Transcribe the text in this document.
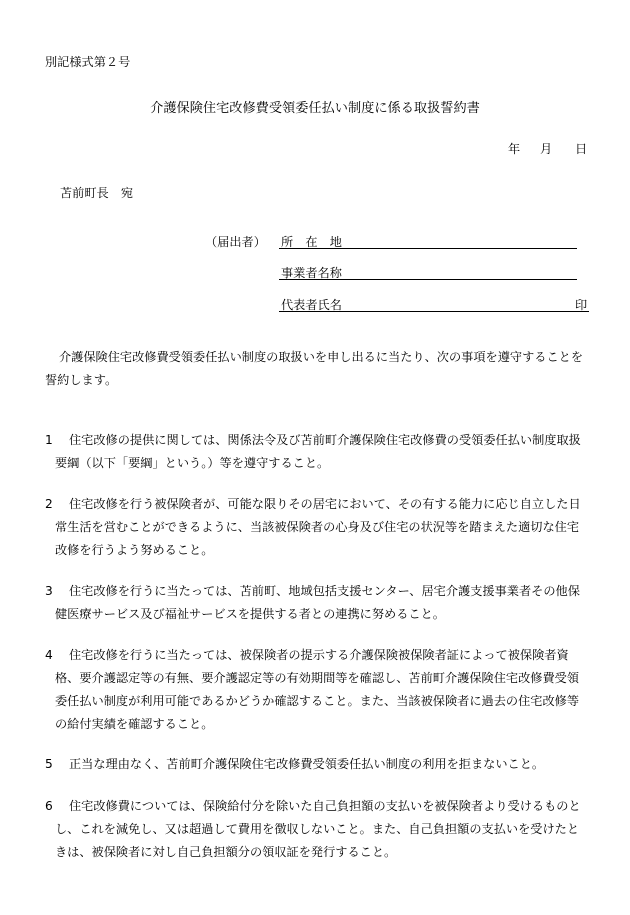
別記様式第２号
介護保険住宅改修費受領委任払い制度に係る取扱誓約書
年 月 日
苫前町長　宛
（届出者） 所　在　地
事業者名称
代表者氏名	印
介護保険住宅改修費受領委任払い制度の取扱いを申し出るに当たり、次の事項を遵守することを誓約します。
1	住宅改修の提供に関しては、関係法令及び苫前町介護保険住宅改修費の受領委任払い制度取扱要綱（以下「要綱」という。）等を遵守すること。
2	住宅改修を行う被保険者が、可能な限りその居宅において、その有する能力に応じ自立した日常生活を営むことができるように、当該被保険者の心身及び住宅の状況等を踏まえた適切な住宅改修を行うよう努めること。
3	住宅改修を行うに当たっては、苫前町、地域包括支援センター、居宅介護支援事業者その他保健医療サービス及び福祉サービスを提供する者との連携に努めること。
4	住宅改修を行うに当たっては、被保険者の提示する介護保険被保険者証によって被保険者資格、要介護認定等の有無、要介護認定等の有効期間等を確認し、苫前町介護保険住宅改修費受領委任払い制度が利用可能であるかどうか確認すること。また、当該被保険者に過去の住宅改修等の給付実績を確認すること。
5	正当な理由なく、苫前町介護保険住宅改修費受領委任払い制度の利用を拒まないこと。
6	住宅改修費については、保険給付分を除いた自己負担額の支払いを被保険者より受けるものとし、これを減免し、又は超過して費用を徴収しないこと。また、自己負担額の支払いを受けたときは、被保険者に対し自己負担額分の領収証を発行すること。
